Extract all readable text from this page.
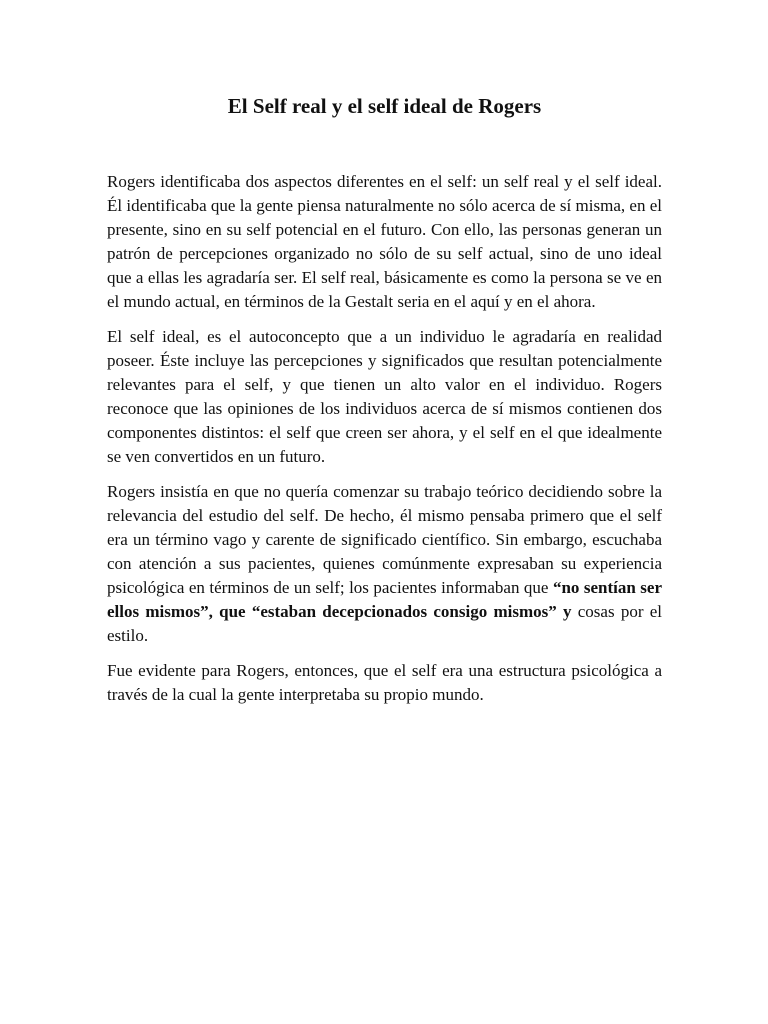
El Self real y el self ideal de Rogers

Rogers identificaba dos aspectos diferentes en el self: un self real y el self ideal. Él identificaba que la gente piensa naturalmente no sólo acerca de sí misma, en el presente, sino en su self potencial en el futuro. Con ello, las personas generan un patrón de percepciones organizado no sólo de su self actual, sino de uno ideal que a ellas les agradaría ser. El self real, básicamente es como la persona se ve en el mundo actual, en términos de la Gestalt seria en el aquí y en el ahora.

El self ideal, es el autoconcepto que a un individuo le agradaría en realidad poseer. Éste incluye las percepciones y significados que resultan potencialmente relevantes para el self, y que tienen un alto valor en el individuo. Rogers reconoce que las opiniones de los individuos acerca de sí mismos contienen dos componentes distintos: el self que creen ser ahora, y el self en el que idealmente se ven convertidos en un futuro.

Rogers insistía en que no quería comenzar su trabajo teórico decidiendo sobre la relevancia del estudio del self. De hecho, él mismo pensaba primero que el self era un término vago y carente de significado científico. Sin embargo, escuchaba con atención a sus pacientes, quienes comúnmente expresaban su experiencia psicológica en términos de un self; los pacientes informaban que “no sentían ser ellos mismos”, que “estaban decepcionados consigo mismos” y cosas por el estilo.

Fue evidente para Rogers, entonces, que el self era una estructura psicológica a través de la cual la gente interpretaba su propio mundo.
